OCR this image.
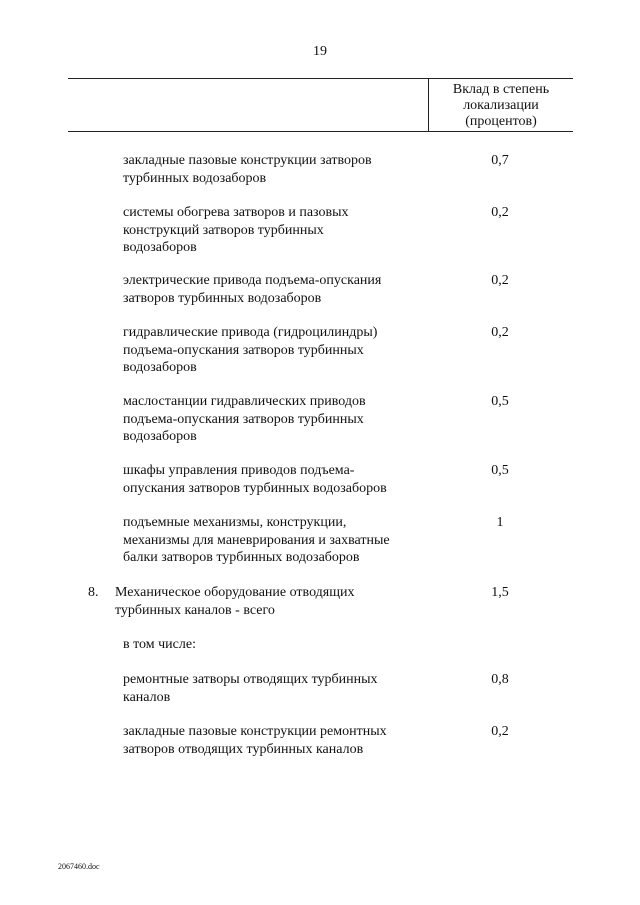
19
Вклад в степень
локализации
(процентов)
закладные пазовые конструкции затворов
турбинных водозаборов
0,7
системы обогрева затворов и пазовых
конструкций затворов турбинных
водозаборов
0,2
электрические привода подъема-опускания
затворов турбинных водозаборов
0,2
гидравлические привода (гидроцилиндры)
подъема-опускания затворов турбинных
водозаборов
0,2
маслостанции гидравлических приводов
подъема-опускания затворов турбинных
водозаборов
0,5
шкафы управления приводов подъема-
опускания затворов турбинных водозаборов
0,5
подъемные механизмы, конструкции,
механизмы для маневрирования и захватные
балки затворов турбинных водозаборов
1
8. Механическое оборудование отводящих
турбинных каналов - всего
1,5
в том числе:
ремонтные затворы отводящих турбинных
каналов
0,8
закладные пазовые конструкции ремонтных
затворов отводящих турбинных каналов
0,2
2067460.doc
